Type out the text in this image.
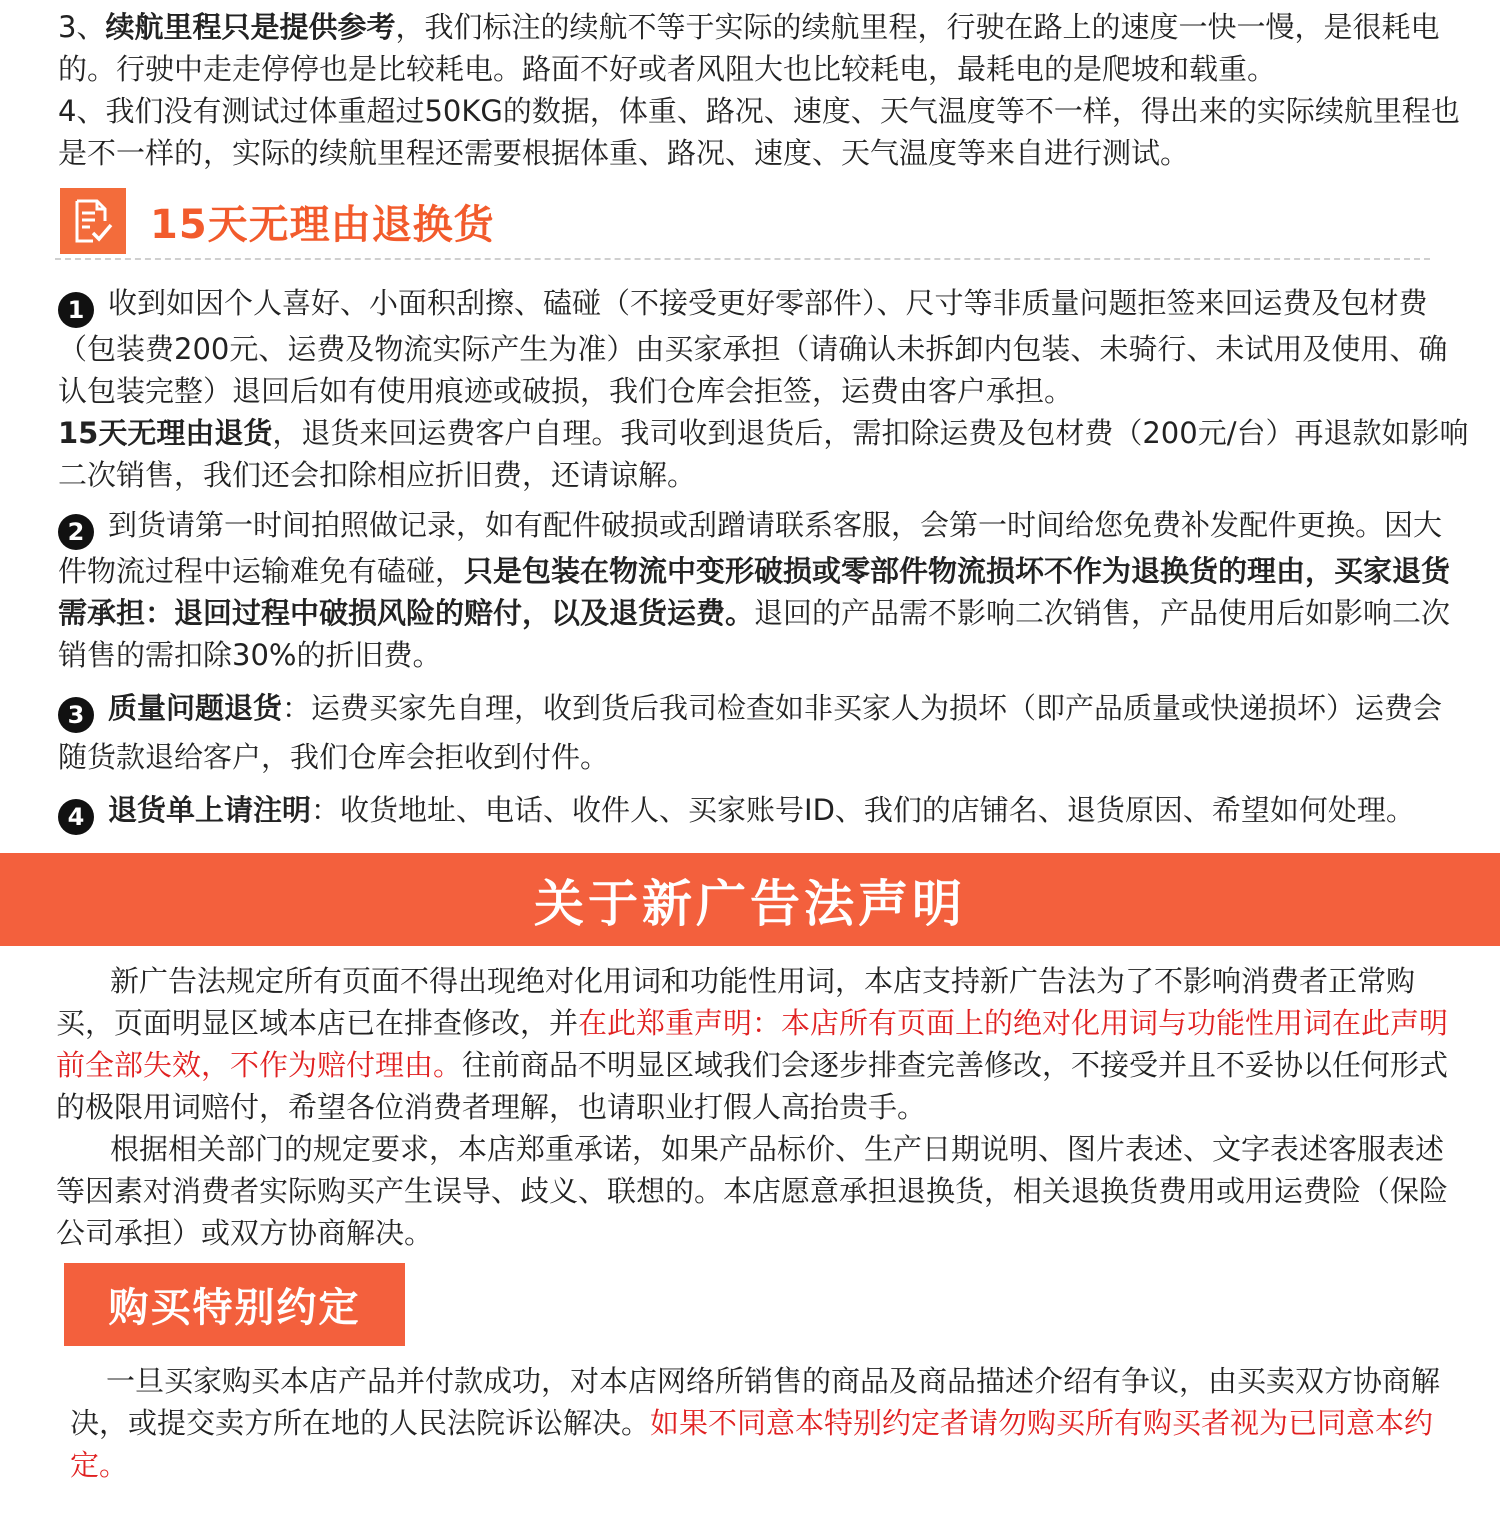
3、续航里程只是提供参考，我们标注的续航不等于实际的续航里程，行驶在路上的速度一快一慢，是很耗电的。行驶中走走停停也是比较耗电。路面不好或者风阻大也比较耗电，最耗电的是爬坡和载重。

4、我们没有测试过体重超过50KG的数据，体重、路况、速度、天气温度等不一样，得出来的实际续航里程也是不一样的，实际的续航里程还需要根据体重、路况、速度、天气温度等来自进行测试。

15天无理由退换货

1 收到如因个人喜好、小面积刮擦、磕碰（不接受更好零部件）、尺寸等非质量问题拒签来回运费及包材费（包装费200元、运费及物流实际产生为准）由买家承担（请确认未拆卸内包装、未骑行、未试用及使用、确认包装完整）退回后如有使用痕迹或破损，我们仓库会拒签，运费由客户承担。
15天无理由退货，退货来回运费客户自理。我司收到退货后，需扣除运费及包材费（200元/台）再退款如影响二次销售，我们还会扣除相应折旧费，还请谅解。

2 到货请第一时间拍照做记录，如有配件破损或刮蹭请联系客服，会第一时间给您免费补发配件更换。因大件物流过程中运输难免有磕碰，只是包装在物流中变形破损或零部件物流损坏不作为退换货的理由，买家退货需承担：退回过程中破损风险的赔付，以及退货运费。退回的产品需不影响二次销售，产品使用后如影响二次销售的需扣除30%的折旧费。

3 质量问题退货：运费买家先自理，收到货后我司检查如非买家人为损坏（即产品质量或快递损坏）运费会随货款退给客户，我们仓库会拒收到付件。

4 退货单上请注明：收货地址、电话、收件人、买家账号ID、我们的店铺名、退货原因、希望如何处理。

关于新广告法声明

新广告法规定所有页面不得出现绝对化用词和功能性用词，本店支持新广告法为了不影响消费者正常购买，页面明显区域本店已在排查修改，并在此郑重声明：本店所有页面上的绝对化用词与功能性用词在此声明前全部失效，不作为赔付理由。往前商品不明显区域我们会逐步排查完善修改，不接受并且不妥协以任何形式的极限用词赔付，希望各位消费者理解，也请职业打假人高抬贵手。

根据相关部门的规定要求，本店郑重承诺，如果产品标价、生产日期说明、图片表述、文字表述客服表述等因素对消费者实际购买产生误导、歧义、联想的。本店愿意承担退换货，相关退换货费用或用运费险（保险公司承担）或双方协商解决。

购买特别约定

一旦买家购买本店产品并付款成功，对本店网络所销售的商品及商品描述介绍有争议，由买卖双方协商解决，或提交卖方所在地的人民法院诉讼解决。如果不同意本特别约定者请勿购买所有购买者视为已同意本约定。
